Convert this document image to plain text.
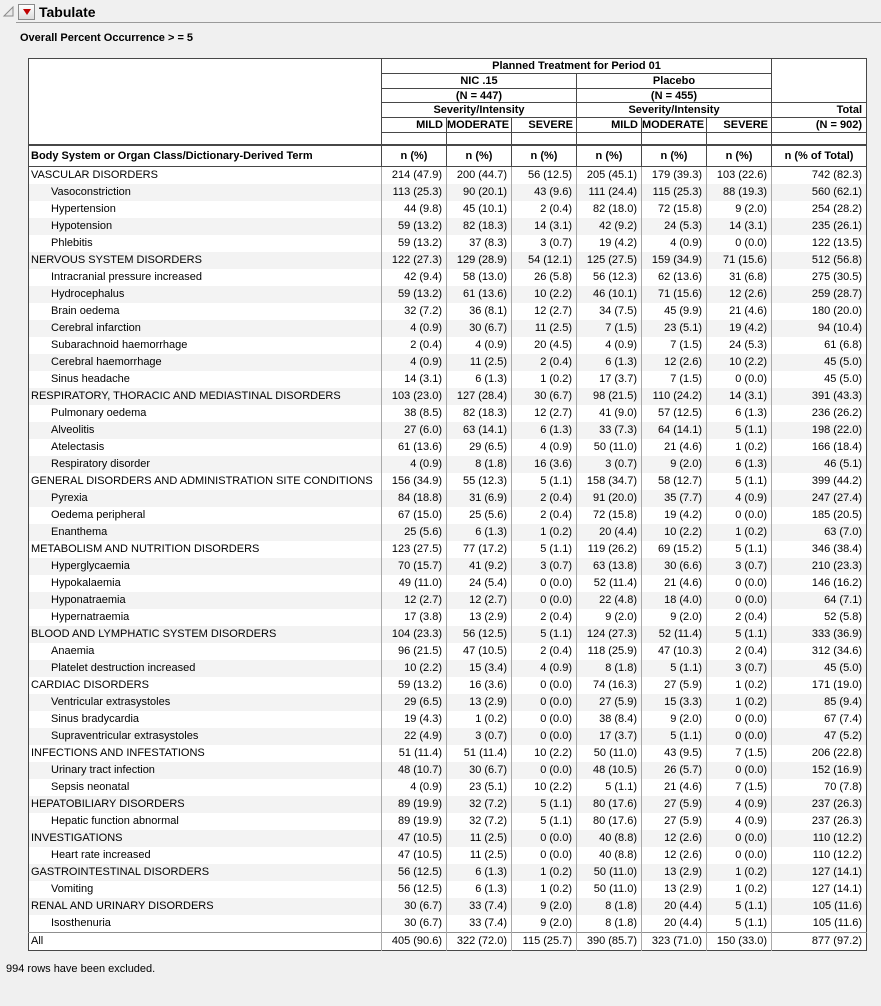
Tabulate
Overall Percent Occurrence > = 5
	Planned Treatment for Period 01						
	NIC .15			Placebo			
	(N = 447)			(N = 455)			
	Severity/Intensity			Severity/Intensity			Total
	MILD	MODERATE	SEVERE	MILD	MODERATE	SEVERE	(N = 902)

Body System or Organ Class/Dictionary-Derived Term	n (%)	n (%)	n (%)	n (%)	n (%)	n (%)	n (% of Total)
VASCULAR DISORDERS	214 (47.9)	200 (44.7)	56 (12.5)	205 (45.1)	179 (39.3)	103 (22.6)	742 (82.3)
Vasoconstriction	113 (25.3)	90 (20.1)	43 (9.6)	111 (24.4)	115 (25.3)	88 (19.3)	560 (62.1)
Hypertension	44 (9.8)	45 (10.1)	2 (0.4)	82 (18.0)	72 (15.8)	9 (2.0)	254 (28.2)
Hypotension	59 (13.2)	82 (18.3)	14 (3.1)	42 (9.2)	24 (5.3)	14 (3.1)	235 (26.1)
Phlebitis	59 (13.2)	37 (8.3)	3 (0.7)	19 (4.2)	4 (0.9)	0 (0.0)	122 (13.5)
NERVOUS SYSTEM DISORDERS	122 (27.3)	129 (28.9)	54 (12.1)	125 (27.5)	159 (34.9)	71 (15.6)	512 (56.8)
Intracranial pressure increased	42 (9.4)	58 (13.0)	26 (5.8)	56 (12.3)	62 (13.6)	31 (6.8)	275 (30.5)
Hydrocephalus	59 (13.2)	61 (13.6)	10 (2.2)	46 (10.1)	71 (15.6)	12 (2.6)	259 (28.7)
Brain oedema	32 (7.2)	36 (8.1)	12 (2.7)	34 (7.5)	45 (9.9)	21 (4.6)	180 (20.0)
Cerebral infarction	4 (0.9)	30 (6.7)	11 (2.5)	7 (1.5)	23 (5.1)	19 (4.2)	94 (10.4)
Subarachnoid haemorrhage	2 (0.4)	4 (0.9)	20 (4.5)	4 (0.9)	7 (1.5)	24 (5.3)	61 (6.8)
Cerebral haemorrhage	4 (0.9)	11 (2.5)	2 (0.4)	6 (1.3)	12 (2.6)	10 (2.2)	45 (5.0)
Sinus headache	14 (3.1)	6 (1.3)	1 (0.2)	17 (3.7)	7 (1.5)	0 (0.0)	45 (5.0)
RESPIRATORY, THORACIC AND MEDIASTINAL DISORDERS	103 (23.0)	127 (28.4)	30 (6.7)	98 (21.5)	110 (24.2)	14 (3.1)	391 (43.3)
Pulmonary oedema	38 (8.5)	82 (18.3)	12 (2.7)	41 (9.0)	57 (12.5)	6 (1.3)	236 (26.2)
Alveolitis	27 (6.0)	63 (14.1)	6 (1.3)	33 (7.3)	64 (14.1)	5 (1.1)	198 (22.0)
Atelectasis	61 (13.6)	29 (6.5)	4 (0.9)	50 (11.0)	21 (4.6)	1 (0.2)	166 (18.4)
Respiratory disorder	4 (0.9)	8 (1.8)	16 (3.6)	3 (0.7)	9 (2.0)	6 (1.3)	46 (5.1)
GENERAL DISORDERS AND ADMINISTRATION SITE CONDITIONS	156 (34.9)	55 (12.3)	5 (1.1)	158 (34.7)	58 (12.7)	5 (1.1)	399 (44.2)
Pyrexia	84 (18.8)	31 (6.9)	2 (0.4)	91 (20.0)	35 (7.7)	4 (0.9)	247 (27.4)
Oedema peripheral	67 (15.0)	25 (5.6)	2 (0.4)	72 (15.8)	19 (4.2)	0 (0.0)	185 (20.5)
Enanthema	25 (5.6)	6 (1.3)	1 (0.2)	20 (4.4)	10 (2.2)	1 (0.2)	63 (7.0)
METABOLISM AND NUTRITION DISORDERS	123 (27.5)	77 (17.2)	5 (1.1)	119 (26.2)	69 (15.2)	5 (1.1)	346 (38.4)
Hyperglycaemia	70 (15.7)	41 (9.2)	3 (0.7)	63 (13.8)	30 (6.6)	3 (0.7)	210 (23.3)
Hypokalaemia	49 (11.0)	24 (5.4)	0 (0.0)	52 (11.4)	21 (4.6)	0 (0.0)	146 (16.2)
Hyponatraemia	12 (2.7)	12 (2.7)	0 (0.0)	22 (4.8)	18 (4.0)	0 (0.0)	64 (7.1)
Hypernatraemia	17 (3.8)	13 (2.9)	2 (0.4)	9 (2.0)	9 (2.0)	2 (0.4)	52 (5.8)
BLOOD AND LYMPHATIC SYSTEM DISORDERS	104 (23.3)	56 (12.5)	5 (1.1)	124 (27.3)	52 (11.4)	5 (1.1)	333 (36.9)
Anaemia	96 (21.5)	47 (10.5)	2 (0.4)	118 (25.9)	47 (10.3)	2 (0.4)	312 (34.6)
Platelet destruction increased	10 (2.2)	15 (3.4)	4 (0.9)	8 (1.8)	5 (1.1)	3 (0.7)	45 (5.0)
CARDIAC DISORDERS	59 (13.2)	16 (3.6)	0 (0.0)	74 (16.3)	27 (5.9)	1 (0.2)	171 (19.0)
Ventricular extrasystoles	29 (6.5)	13 (2.9)	0 (0.0)	27 (5.9)	15 (3.3)	1 (0.2)	85 (9.4)
Sinus bradycardia	19 (4.3)	1 (0.2)	0 (0.0)	38 (8.4)	9 (2.0)	0 (0.0)	67 (7.4)
Supraventricular extrasystoles	22 (4.9)	3 (0.7)	0 (0.0)	17 (3.7)	5 (1.1)	0 (0.0)	47 (5.2)
INFECTIONS AND INFESTATIONS	51 (11.4)	51 (11.4)	10 (2.2)	50 (11.0)	43 (9.5)	7 (1.5)	206 (22.8)
Urinary tract infection	48 (10.7)	30 (6.7)	0 (0.0)	48 (10.5)	26 (5.7)	0 (0.0)	152 (16.9)
Sepsis neonatal	4 (0.9)	23 (5.1)	10 (2.2)	5 (1.1)	21 (4.6)	7 (1.5)	70 (7.8)
HEPATOBILIARY DISORDERS	89 (19.9)	32 (7.2)	5 (1.1)	80 (17.6)	27 (5.9)	4 (0.9)	237 (26.3)
Hepatic function abnormal	89 (19.9)	32 (7.2)	5 (1.1)	80 (17.6)	27 (5.9)	4 (0.9)	237 (26.3)
INVESTIGATIONS	47 (10.5)	11 (2.5)	0 (0.0)	40 (8.8)	12 (2.6)	0 (0.0)	110 (12.2)
Heart rate increased	47 (10.5)	11 (2.5)	0 (0.0)	40 (8.8)	12 (2.6)	0 (0.0)	110 (12.2)
GASTROINTESTINAL DISORDERS	56 (12.5)	6 (1.3)	1 (0.2)	50 (11.0)	13 (2.9)	1 (0.2)	127 (14.1)
Vomiting	56 (12.5)	6 (1.3)	1 (0.2)	50 (11.0)	13 (2.9)	1 (0.2)	127 (14.1)
RENAL AND URINARY DISORDERS	30 (6.7)	33 (7.4)	9 (2.0)	8 (1.8)	20 (4.4)	5 (1.1)	105 (11.6)
Isosthenuria	30 (6.7)	33 (7.4)	9 (2.0)	8 (1.8)	20 (4.4)	5 (1.1)	105 (11.6)
All	405 (90.6)	322 (72.0)	115 (25.7)	390 (85.7)	323 (71.0)	150 (33.0)	877 (97.2)
994 rows have been excluded.
